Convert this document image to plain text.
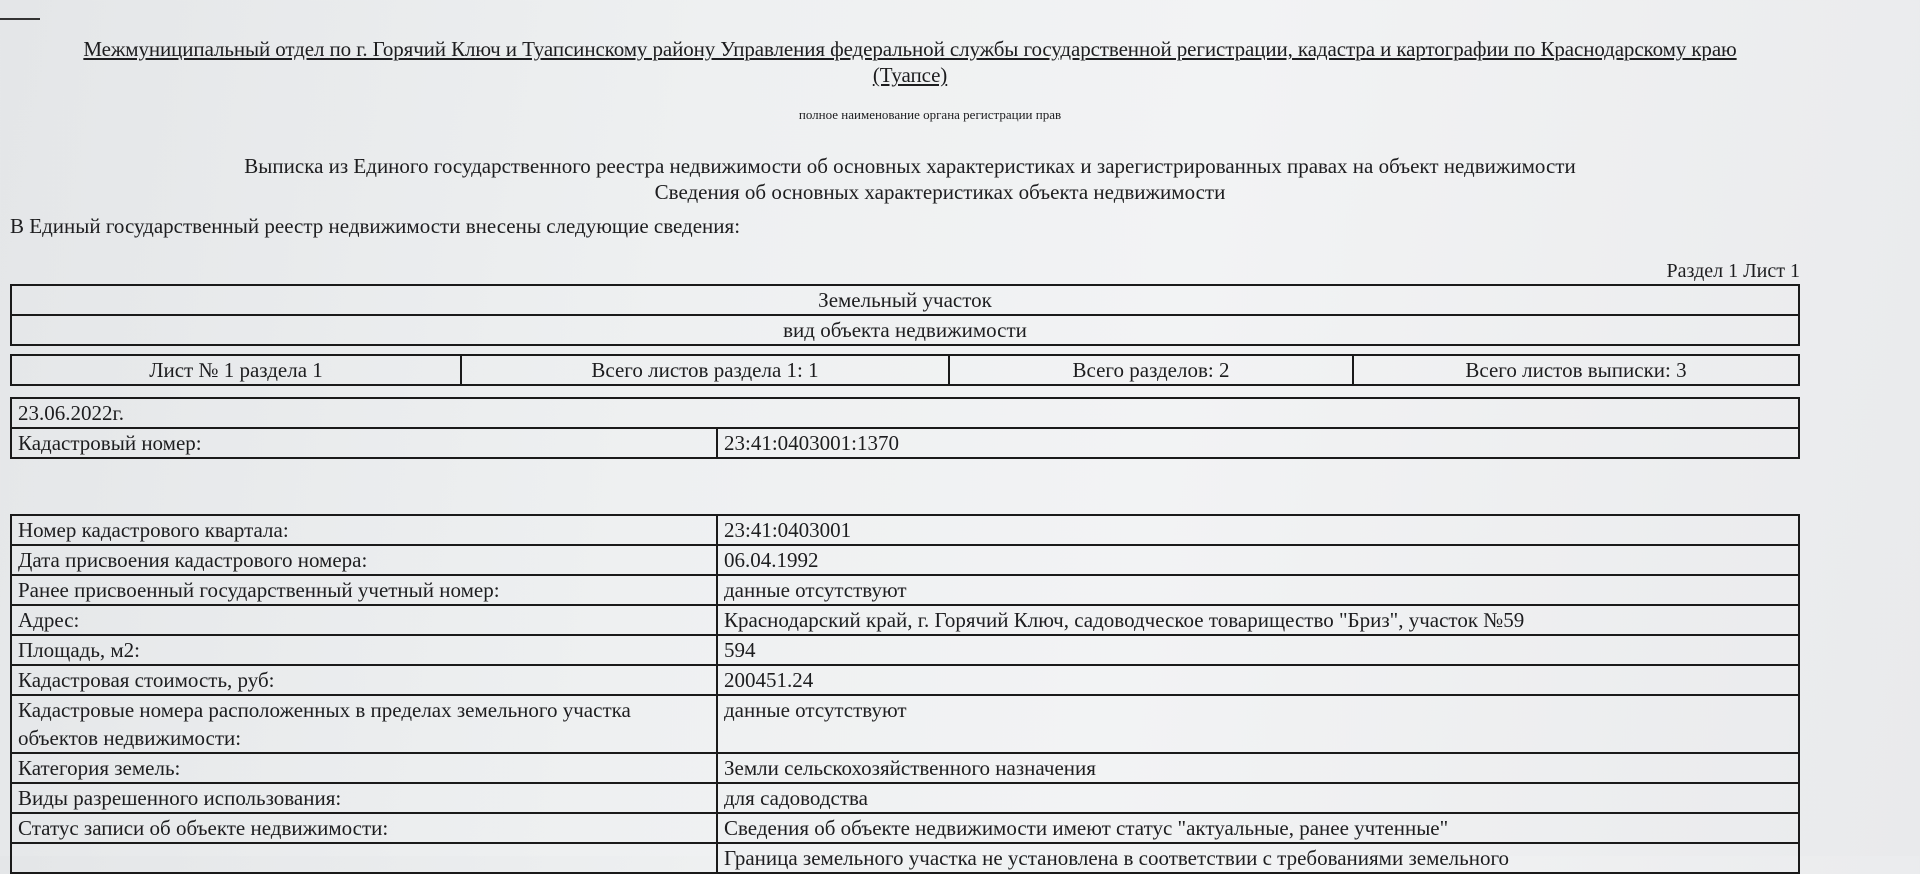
Межмуниципальный отдел по г. Горячий Ключ и Туапсинскому району Управления федеральной службы государственной регистрации, кадастра и картографии по Краснодарскому краю (Туапсе)
полное наименование органа регистрации прав
Выписка из Единого государственного реестра недвижимости об основных характеристиках и зарегистрированных правах на объект недвижимости
Сведения об основных характеристиках объекта недвижимости
В Единый государственный реестр недвижимости внесены следующие сведения:
Раздел 1 Лист 1
Земельный участок
вид объекта недвижимости
Лист № 1 раздела 1	Всего листов раздела 1: 1	Всего разделов: 2	Всего листов выписки: 3
23.06.2022г.
Кадастровый номер:	23:41:0403001:1370
Номер кадастрового квартала:	23:41:0403001
Дата присвоения кадастрового номера:	06.04.1992
Ранее присвоенный государственный учетный номер:	данные отсутствуют
Адрес:	Краснодарский край, г. Горячий Ключ, садоводческое товарищество "Бриз", участок №59
Площадь, м2:	594
Кадастровая стоимость, руб:	200451.24
Кадастровые номера расположенных в пределах земельного участка объектов недвижимости:	данные отсутствуют
Категория земель:	Земли сельскохозяйственного назначения
Виды разрешенного использования:	для садоводства
Статус записи об объекте недвижимости:	Сведения об объекте недвижимости имеют статус "актуальные, ранее учтенные"
	Граница земельного участка не установлена в соответствии с требованиями земельного
